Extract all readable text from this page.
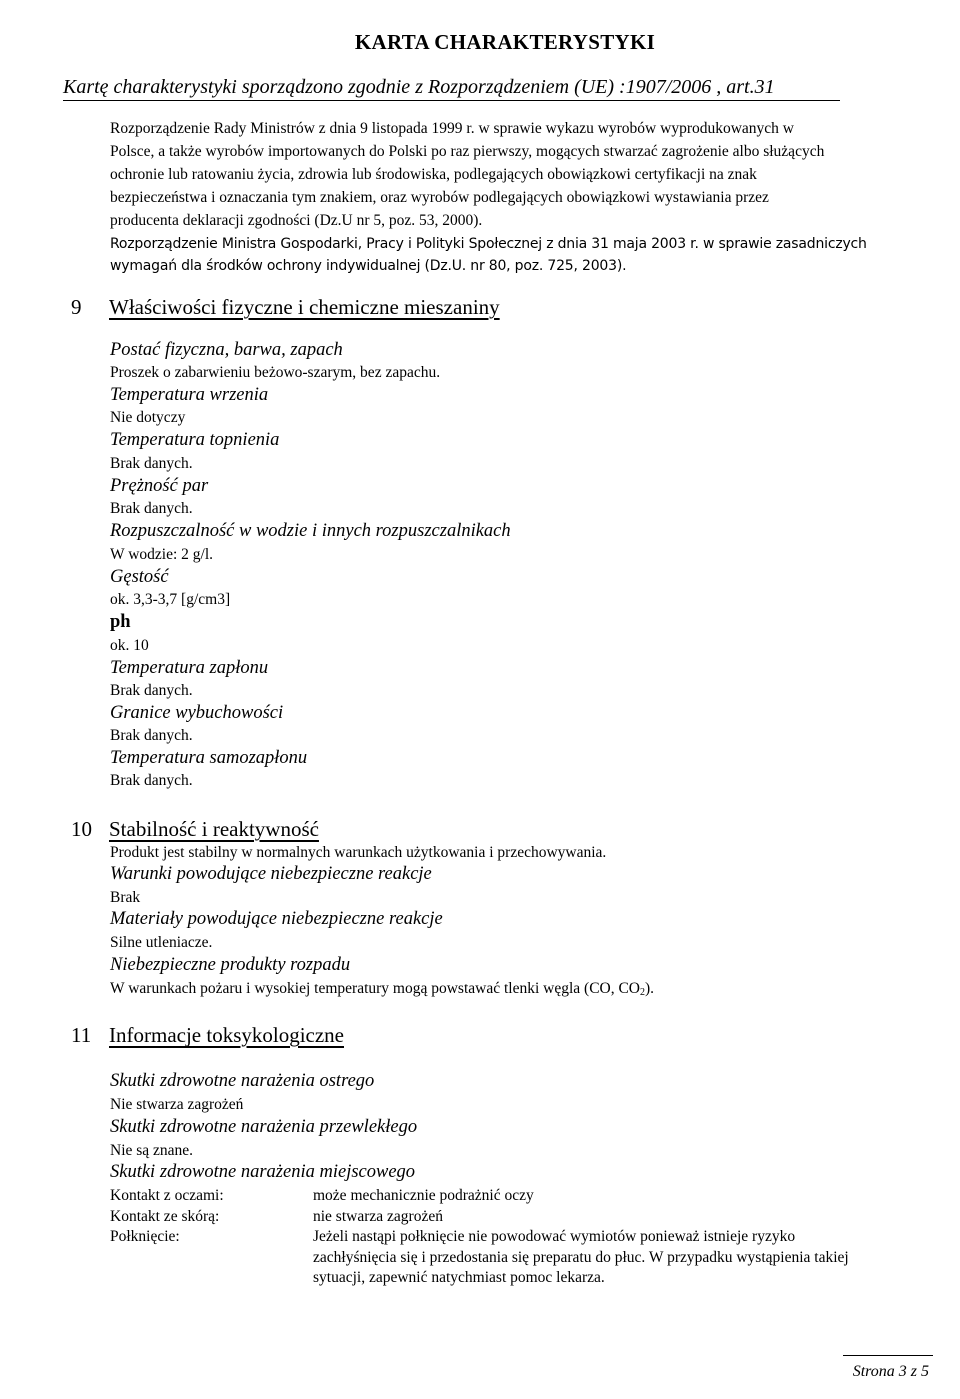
KARTA CHARAKTERYSTYKI
Kartę charakterystyki sporządzono zgodnie z Rozporządzeniem (UE) :1907/2006 , art.31
Rozporządzenie Rady Ministrów z dnia 9 listopada 1999 r. w sprawie wykazu wyrobów wyprodukowanych w
Polsce, a także wyrobów importowanych do Polski po raz pierwszy, mogących stwarzać zagrożenie albo służących
ochronie lub ratowaniu życia, zdrowia lub środowiska, podlegających obowiązkowi certyfikacji na znak
bezpieczeństwa i oznaczania tym znakiem, oraz wyrobów podlegających obowiązkowi wystawiania przez
producenta deklaracji zgodności (Dz.U nr 5, poz. 53, 2000).
Rozporządzenie Ministra Gospodarki, Pracy i Polityki Społecznej z dnia 31 maja 2003 r. w sprawie zasadniczych
wymagań dla środków ochrony indywidualnej (Dz.U. nr 80, poz. 725, 2003).
9 Właściwości fizyczne i chemiczne mieszaniny
Postać fizyczna, barwa, zapach
Proszek o zabarwieniu beżowo-szarym, bez zapachu.
Temperatura wrzenia
Nie dotyczy
Temperatura topnienia
Brak danych.
Prężność par
Brak danych.
Rozpuszczalność w wodzie i innych rozpuszczalnikach
W wodzie: 2 g/l.
Gęstość
ok. 3,3-3,7 [g/cm3]
ph
ok. 10
Temperatura zapłonu
Brak danych.
Granice wybuchowości
Brak danych.
Temperatura samozapłonu
Brak danych.
10 Stabilność i reaktywność
Produkt jest stabilny w normalnych warunkach użytkowania i przechowywania.
Warunki powodujące niebezpieczne reakcje
Brak
Materiały powodujące niebezpieczne reakcje
Silne utleniacze.
Niebezpieczne produkty rozpadu
W warunkach pożaru i wysokiej temperatury mogą powstawać tlenki węgla (CO, $CO_2$).
11 Informacje toksykologiczne
Skutki zdrowotne narażenia ostrego
Nie stwarza zagrożeń
Skutki zdrowotne narażenia przewlekłego
Nie są znane.
Skutki zdrowotne narażenia miejscowego
Kontakt z oczami:	może mechanicznie podrażnić oczy
Kontakt ze skórą:	nie stwarza zagrożeń
Połknięcie:	Jeżeli nastąpi połknięcie nie powodować wymiotów ponieważ istnieje ryzyko
zachłyśnięcia się i przedostania się preparatu do płuc. W przypadku wystąpienia takiej
sytuacji, zapewnić natychmiast pomoc lekarza.
Strona 3 z 5
